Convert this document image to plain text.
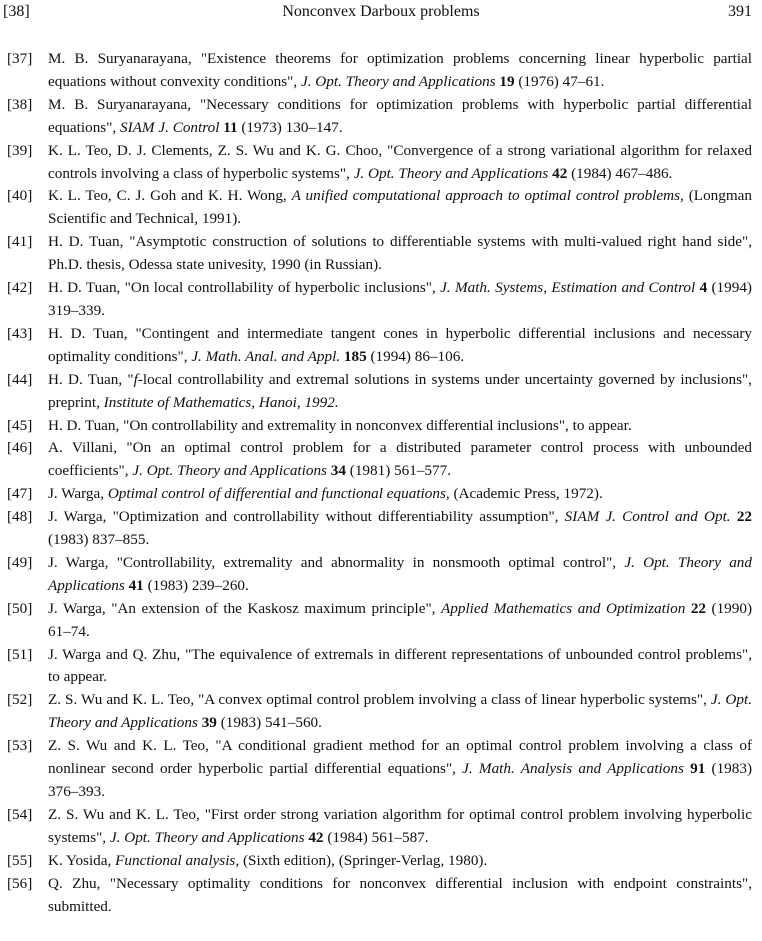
[38]	Nonconvex Darboux problems	391
[37] M. B. Suryanarayana, "Existence theorems for optimization problems concerning linear hyperbolic partial equations without convexity conditions", J. Opt. Theory and Applications 19 (1976) 47–61.
[38] M. B. Suryanarayana, "Necessary conditions for optimization problems with hyperbolic partial differential equations", SIAM J. Control 11 (1973) 130–147.
[39] K. L. Teo, D. J. Clements, Z. S. Wu and K. G. Choo, "Convergence of a strong variational algorithm for relaxed controls involving a class of hyperbolic systems", J. Opt. Theory and Applications 42 (1984) 467–486.
[40] K. L. Teo, C. J. Goh and K. H. Wong, A unified computational approach to optimal control problems, (Longman Scientific and Technical, 1991).
[41] H. D. Tuan, "Asymptotic construction of solutions to differentiable systems with multi-valued right hand side", Ph.D. thesis, Odessa state univesity, 1990 (in Russian).
[42] H. D. Tuan, "On local controllability of hyperbolic inclusions", J. Math. Systems, Estimation and Control 4 (1994) 319–339.
[43] H. D. Tuan, "Contingent and intermediate tangent cones in hyperbolic differential inclusions and necessary optimality conditions", J. Math. Anal. and Appl. 185 (1994) 86–106.
[44] H. D. Tuan, "f-local controllability and extremal solutions in systems under uncertainty governed by inclusions", preprint, Institute of Mathematics, Hanoi, 1992.
[45] H. D. Tuan, "On controllability and extremality in nonconvex differential inclusions", to appear.
[46] A. Villani, "On an optimal control problem for a distributed parameter control process with unbounded coefficients", J. Opt. Theory and Applications 34 (1981) 561–577.
[47] J. Warga, Optimal control of differential and functional equations, (Academic Press, 1972).
[48] J. Warga, "Optimization and controllability without differentiability assumption", SIAM J. Control and Opt. 22 (1983) 837–855.
[49] J. Warga, "Controllability, extremality and abnormality in nonsmooth optimal control", J. Opt. Theory and Applications 41 (1983) 239–260.
[50] J. Warga, "An extension of the Kaskosz maximum principle", Applied Mathematics and Optimization 22 (1990) 61–74.
[51] J. Warga and Q. Zhu, "The equivalence of extremals in different representations of unbounded control problems", to appear.
[52] Z. S. Wu and K. L. Teo, "A convex optimal control problem involving a class of linear hyperbolic systems", J. Opt. Theory and Applications 39 (1983) 541–560.
[53] Z. S. Wu and K. L. Teo, "A conditional gradient method for an optimal control problem involving a class of nonlinear second order hyperbolic partial differential equations", J. Math. Analysis and Applications 91 (1983) 376–393.
[54] Z. S. Wu and K. L. Teo, "First order strong variation algorithm for optimal control problem involving hyperbolic systems", J. Opt. Theory and Applications 42 (1984) 561–587.
[55] K. Yosida, Functional analysis, (Sixth edition), (Springer-Verlag, 1980).
[56] Q. Zhu, "Necessary optimality conditions for nonconvex differential inclusion with endpoint constraints", submitted.
